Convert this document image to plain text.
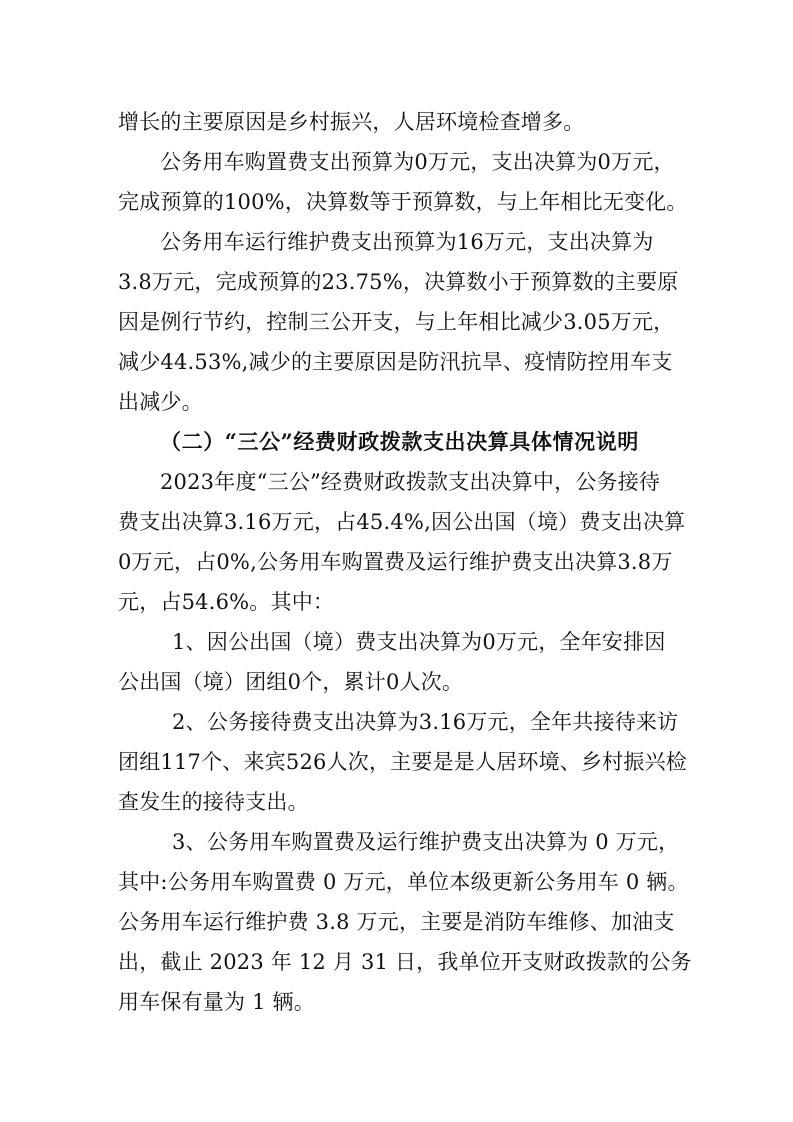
增长的主要原因是乡村振兴，人居环境检查增多。
公务用车购置费支出预算为0万元，支出决算为0万元，
完成预算的100%，决算数等于预算数，与上年相比无变化。
公务用车运行维护费支出预算为16万元，支出决算为
3.8万元，完成预算的23.75%，决算数小于预算数的主要原
因是例行节约，控制三公开支，与上年相比减少3.05万元，
减少44.53%,减少的主要原因是防汛抗旱、疫情防控用车支
出减少。
（二）“三公”经费财政拨款支出决算具体情况说明
2023年度“三公”经费财政拨款支出决算中，公务接待
费支出决算3.16万元，占45.4%,因公出国（境）费支出决算
0万元，占0%,公务用车购置费及运行维护费支出决算3.8万
元，占54.6%。其中：
1、因公出国（境）费支出决算为0万元，全年安排因
公出国（境）团组0个，累计0人次。
2、公务接待费支出决算为3.16万元，全年共接待来访
团组117个、来宾526人次，主要是是人居环境、乡村振兴检
查发生的接待支出。
3、公务用车购置费及运行维护费支出决算为 0 万元，
其中:公务用车购置费 0 万元，单位本级更新公务用车 0 辆。
公务用车运行维护费 3.8 万元，主要是消防车维修、加油支
出，截止 2023 年 12 月 31 日，我单位开支财政拨款的公务
用车保有量为 1 辆。
